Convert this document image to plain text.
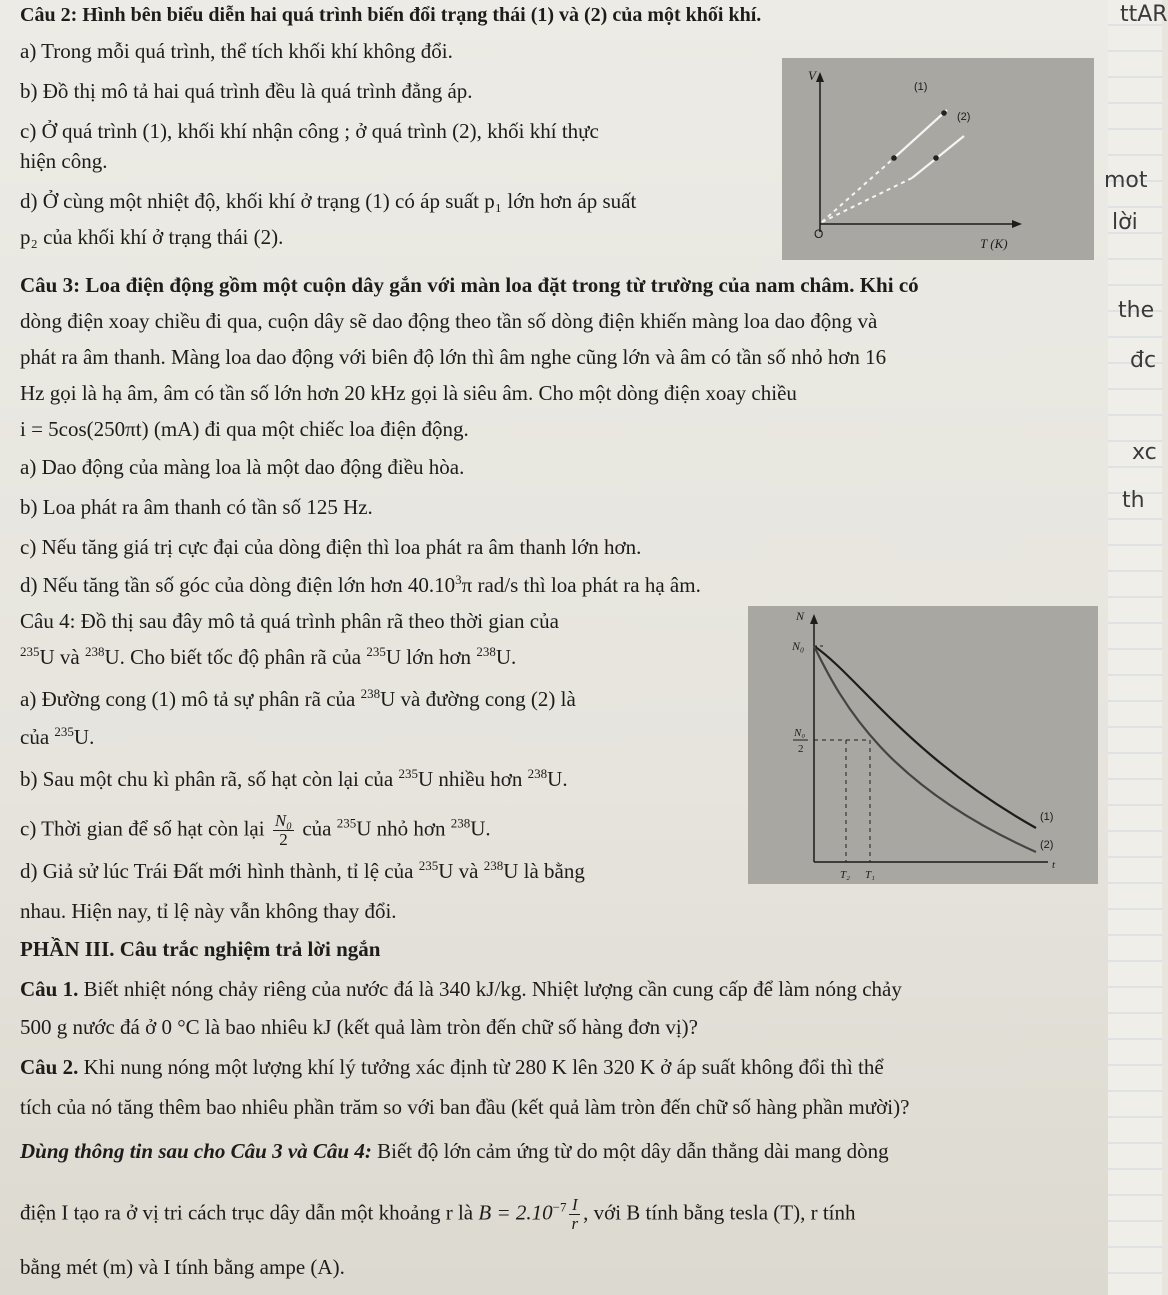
ttAR
mot
lời
the
đc
xc
th
Câu 2: Hình bên biểu diễn hai quá trình biến đổi trạng thái (1) và (2) của một khối khí.
a) Trong mỗi quá trình, thể tích khối khí không đổi.
b) Đồ thị mô tả hai quá trình đều là quá trình đẳng áp.
c) Ở quá trình (1), khối khí nhận công ; ở quá trình (2), khối khí thực
hiện công.
d) Ở cùng một nhiệt độ, khối khí ở trạng (1) có áp suất p₁ lớn hơn áp suất
p₂ của khối khí ở trạng thái (2).
V
(1)
(2)
O
T (K)
Câu 3: Loa điện động gồm một cuộn dây gắn với màn loa đặt trong từ trường của nam châm. Khi có
dòng điện xoay chiều đi qua, cuộn dây sẽ dao động theo tần số dòng điện khiến màng loa dao động và
phát ra âm thanh. Màng loa dao động với biên độ lớn thì âm nghe cũng lớn và âm có tần số nhỏ hơn 16
Hz gọi là hạ âm, âm có tần số lớn hơn 20 kHz gọi là siêu âm. Cho một dòng điện xoay chiều
i = 5cos(250πt) (mA) đi qua một chiếc loa điện động.
a) Dao động của màng loa là một dao động điều hòa.
b) Loa phát ra âm thanh có tần số 125 Hz.
c) Nếu tăng giá trị cực đại của dòng điện thì loa phát ra âm thanh lớn hơn.
d) Nếu tăng tần số góc của dòng điện lớn hơn 40.10$^3$π rad/s thì loa phát ra hạ âm.
Câu 4: Đồ thị sau đây mô tả quá trình phân rã theo thời gian của
$^{235}$U và $^{238}$U. Cho biết tốc độ phân rã của $^{235}$U lớn hơn $^{238}$U.
a) Đường cong (1) mô tả sự phân rã của $^{238}$U và đường cong (2) là
của $^{235}$U.
b) Sau một chu kì phân rã, số hạt còn lại của $^{235}$U nhiều hơn $^{238}$U.
c) Thời gian để số hạt còn lại $\frac{\text{N₀}}{2}$ của $^{235}$U nhỏ hơn $^{238}$U.
d) Giả sử lúc Trái Đất mới hình thành, tỉ lệ của $^{235}$U và $^{238}$U là bằng
nhau. Hiện nay, tỉ lệ này vẫn không thay đổi.
N
N₀
N₀
2
(1)
(2)
T₂ T₁
t
PHẦN III. Câu trắc nghiệm trả lời ngắn
Câu 1. Biết nhiệt nóng chảy riêng của nước đá là 340 kJ/kg. Nhiệt lượng cần cung cấp để làm nóng chảy
500 g nước đá ở 0 °C là bao nhiêu kJ (kết quả làm tròn đến chữ số hàng đơn vị)?
Câu 2. Khi nung nóng một lượng khí lý tưởng xác định từ 280 K lên 320 K ở áp suất không đổi thì thể
tích của nó tăng thêm bao nhiêu phần trăm so với ban đầu (kết quả làm tròn đến chữ số hàng phần mười)?
Dùng thông tin sau cho Câu 3 và Câu 4: Biết độ lớn cảm ứng từ do một dây dẫn thẳng dài mang dòng
điện I tạo ra ở vị tri cách trục dây dẫn một khoảng r là $B = 2.10^{-7} \frac{I}{r}$ , với B tính bằng tesla (T), r tính
bằng mét (m) và I tính bằng ampe (A).
